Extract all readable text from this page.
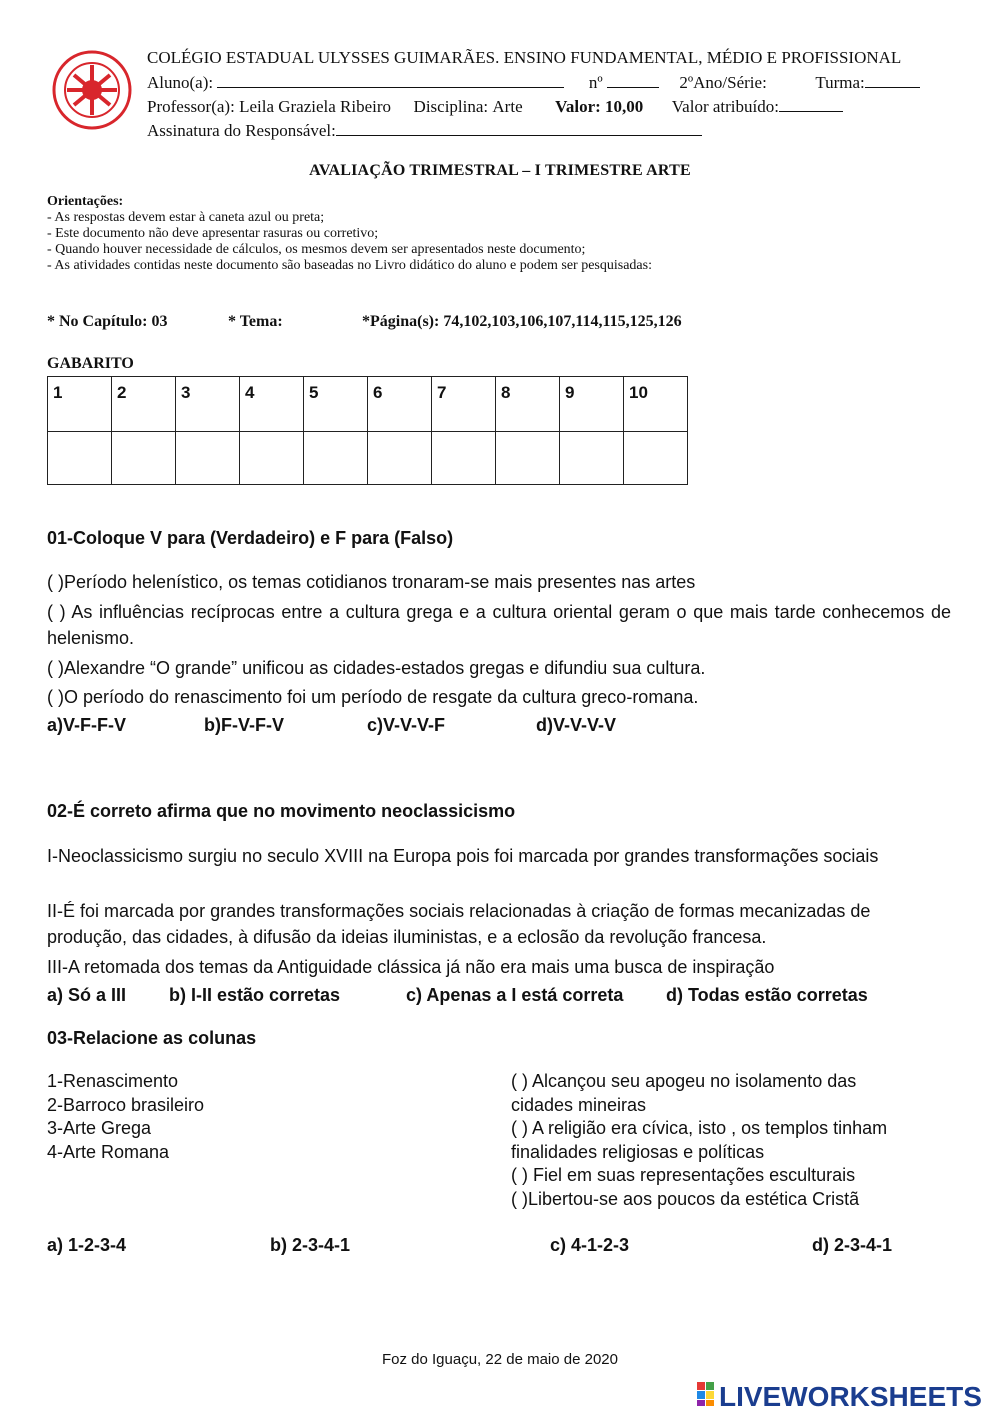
COLÉGIO ESTADUAL ULYSSES GUIMARÃES. ENSINO FUNDAMENTAL, MÉDIO E PROFISSIONAL
Aluno(a):	nº	2ºAno/Série:	Turma:
Professor(a): Leila Graziela Ribeiro Disciplina: Arte Valor: 10,00 Valor atribuído:
Assinatura do Responsável:
AVALIAÇÃO TRIMESTRAL – I TRIMESTRE ARTE
Orientações:
- As respostas devem estar à caneta azul ou preta;
- Este documento não deve apresentar rasuras ou corretivo;
- Quando houver necessidade de cálculos, os mesmos devem ser apresentados neste documento;
- As atividades contidas neste documento são baseadas no Livro didático do aluno e podem ser pesquisadas:
* No Capítulo: 03	* Tema:	*Página(s): 74,102,103,106,107,114,115,125,126
GABARITO
1	2	3	4	5	6	7	8	9	10

01-Coloque V para (Verdadeiro) e F para (Falso)
( )Período helenístico, os temas cotidianos tronaram-se mais presentes nas artes
( ) As influências recíprocas entre a cultura grega e a cultura oriental geram o que mais tarde conhecemos de helenismo.
( )Alexandre “O grande” unificou as cidades-estados gregas e difundiu sua cultura.
( )O período do renascimento foi um período de resgate da cultura greco-romana.
a)V-F-F-V	b)F-V-F-V	c)V-V-V-F	d)V-V-V-V
02-É correto afirma que no movimento neoclassicismo
I-Neoclassicismo surgiu no seculo XVIII na Europa pois foi marcada por grandes transformações sociais
II-É foi marcada por grandes transformações sociais relacionadas à criação de formas mecanizadas de produção, das cidades, à difusão da ideias iluministas, e a eclosão da revolução francesa.
III-A retomada dos temas da Antiguidade clássica já não era mais uma busca de inspiração
a) Só a III b) I-II estão corretas	c) Apenas a I está correta d) Todas estão corretas
03-Relacione as colunas
1-Renascimento
2-Barroco brasileiro
3-Arte Grega
4-Arte Romana
( ) Alcançou seu apogeu no isolamento das
cidades mineiras
( ) A religião era cívica, isto , os templos tinham
finalidades religiosas e políticas
( ) Fiel em suas representações esculturais
( )Libertou-se aos poucos da estética Cristã
a) 1-2-3-4	b) 2-3-4-1	c) 4-1-2-3	d) 2-3-4-1
Foz do Iguaçu, 22 de maio de 2020
LIVEWORKSHEETS
